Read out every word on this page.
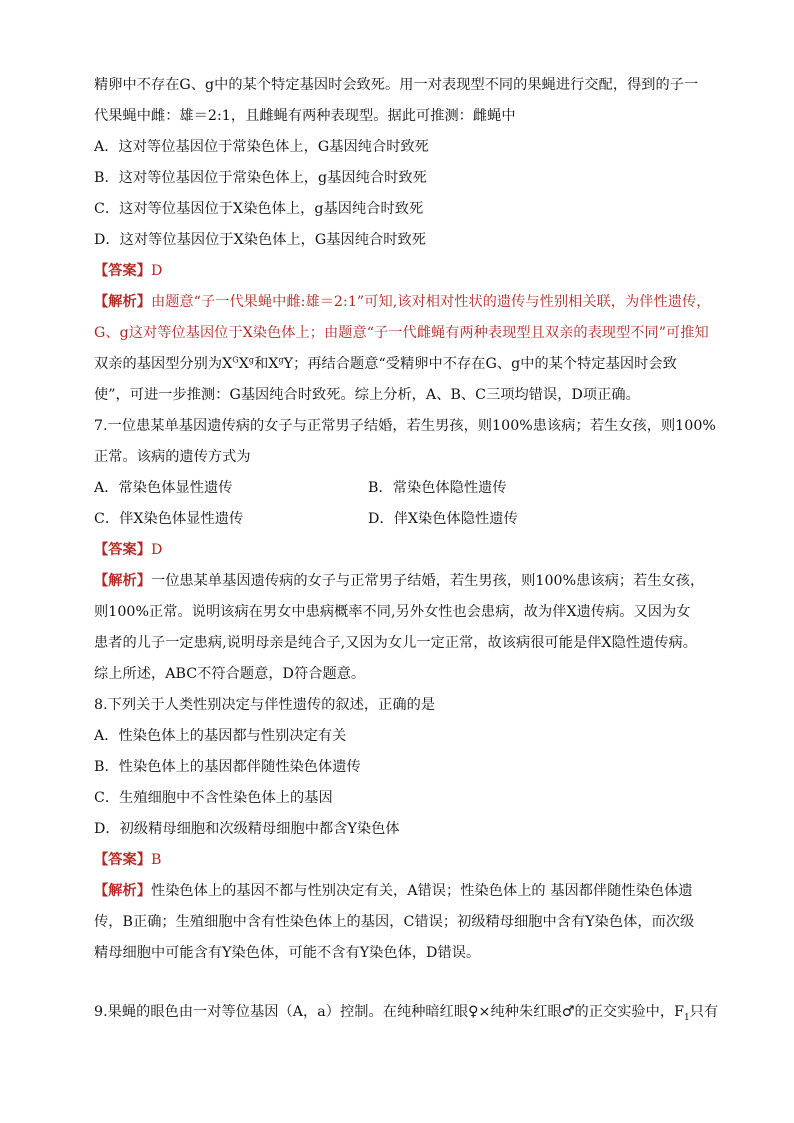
精卵中不存在G、g中的某个特定基因时会致死。用一对表现型不同的果蝇进行交配，得到的子一
代果蝇中雌：雄＝2:1，且雌蝇有两种表现型。据此可推测：雌蝇中
A．这对等位基因位于常染色体上，G基因纯合时致死
B．这对等位基因位于常染色体上，g基因纯合时致死
C．这对等位基因位于X染色体上，g基因纯合时致死
D．这对等位基因位于X染色体上，G基因纯合时致死
【答案】D
【解析】由题意“子一代果蝇中雌:雄＝2:1”可知,该对相对性状的遗传与性别相关联，为伴性遗传，
G、g这对等位基因位于X染色体上；由题意“子一代雌蝇有两种表现型且双亲的表现型不同”可推知
双亲的基因型分别为$X^GX^g$和$X^gY$；再结合题意“受精卵中不存在G、g中的某个特定基因时会致
使”，可进一步推测：G基因纯合时致死。综上分析，A、B、C三项均错误，D项正确。
7.一位患某单基因遗传病的女子与正常男子结婚，若生男孩，则100%患该病；若生女孩，则100%
正常。该病的遗传方式为
A．常染色体显性遗传	B．常染色体隐性遗传
C．伴X染色体显性遗传	D．伴X染色体隐性遗传
【答案】D
【解析】一位患某单基因遗传病的女子与正常男子结婚，若生男孩，则100%患该病；若生女孩，
则100%正常。说明该病在男女中患病概率不同,另外女性也会患病，故为伴X遗传病。又因为女
患者的儿子一定患病,说明母亲是纯合子,又因为女儿一定正常，故该病很可能是伴X隐性遗传病。
综上所述，ABC不符合题意，D符合题意。
8.下列关于人类性别决定与伴性遗传的叙述，正确的是
A．性染色体上的基因都与性别决定有关
B．性染色体上的基因都伴随性染色体遗传
C．生殖细胞中不含性染色体上的基因
D．初级精母细胞和次级精母细胞中都含Y染色体
【答案】B
【解析】性染色体上的基因不都与性别决定有关，A错误；性染色体上的 基因都伴随性染色体遗
传，B正确；生殖细胞中含有性染色体上的基因，C错误；初级精母细胞中含有Y染色体，而次级
精母细胞中可能含有Y染色体，可能不含有Y染色体，D错误。
9.果蝇的眼色由一对等位基因（A，a）控制。在纯种暗红眼♀×纯种朱红眼♂的正交实验中，$F_1$只有
